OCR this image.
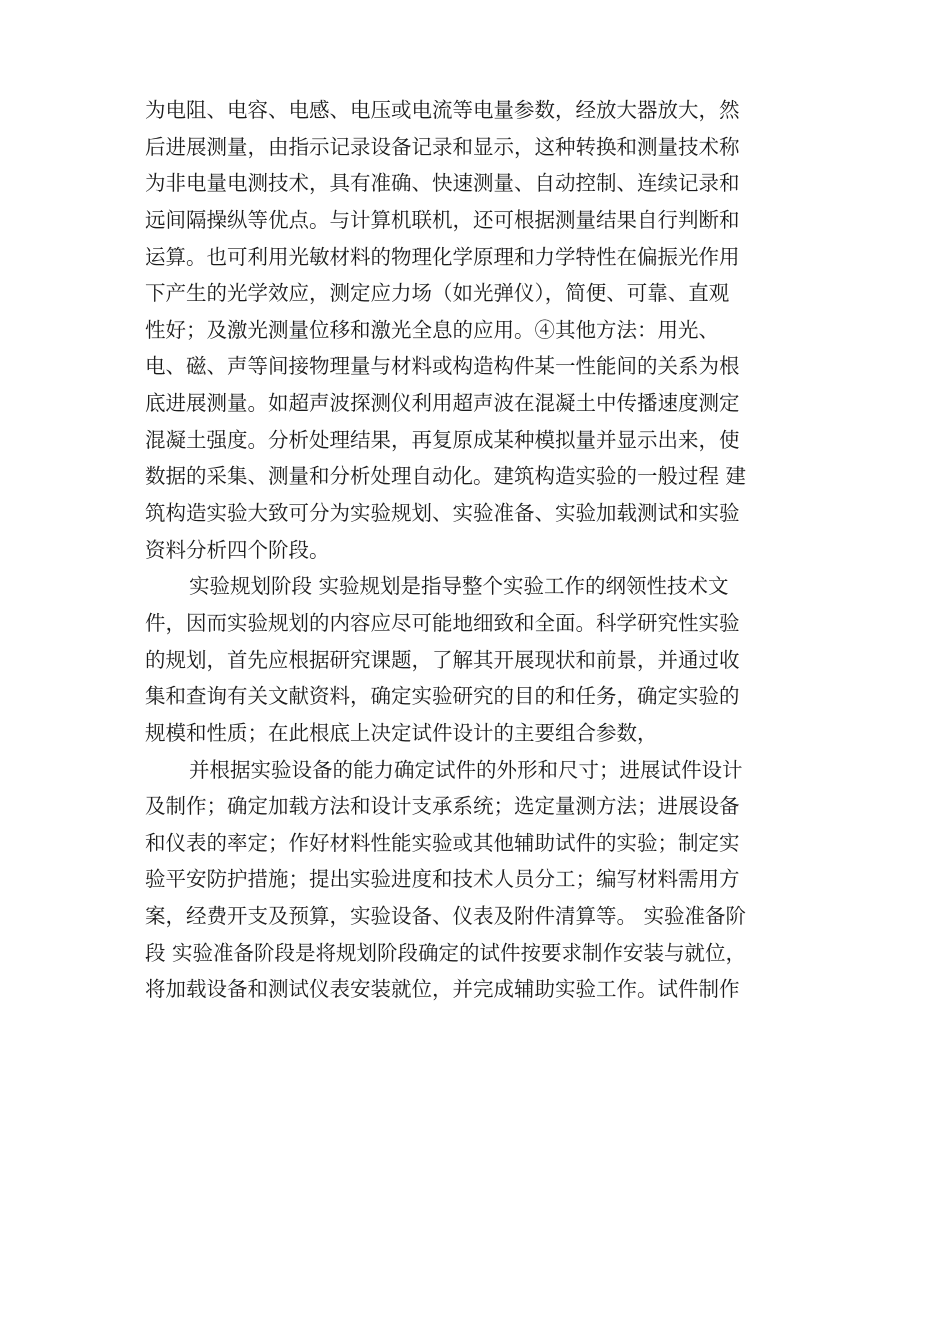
为电阻、电容、电感、电压或电流等电量参数，经放大器放大，然
后进展测量，由指示记录设备记录和显示，这种转换和测量技术称
为非电量电测技术，具有准确、快速测量、自动控制、连续记录和
远间隔操纵等优点。与计算机联机，还可根据测量结果自行判断和
运算。也可利用光敏材料的物理化学原理和力学特性在偏振光作用
下产生的光学效应，测定应力场（如光弹仪），简便、可靠、直观
性好；及激光测量位移和激光全息的应用。④其他方法：用光、
电、磁、声等间接物理量与材料或构造构件某一性能间的关系为根
底进展测量。如超声波探测仪利用超声波在混凝土中传播速度测定
混凝土强度。分析处理结果，再复原成某种模拟量并显示出来，使
数据的采集、测量和分析处理自动化。建筑构造实验的一般过程 建
筑构造实验大致可分为实验规划、实验准备、实验加载测试和实验
资料分析四个阶段。
实验规划阶段 实验规划是指导整个实验工作的纲领性技术文
件，因而实验规划的内容应尽可能地细致和全面。科学研究性实验
的规划，首先应根据研究课题，了解其开展现状和前景，并通过收
集和查询有关文献资料，确定实验研究的目的和任务，确定实验的
规模和性质；在此根底上决定试件设计的主要组合参数，
并根据实验设备的能力确定试件的外形和尺寸；进展试件设计
及制作；确定加载方法和设计支承系统；选定量测方法；进展设备
和仪表的率定；作好材料性能实验或其他辅助试件的实验；制定实
验平安防护措施；提出实验进度和技术人员分工；编写材料需用方
案，经费开支及预算，实验设备、仪表及附件清算等。 实验准备阶
段 实验准备阶段是将规划阶段确定的试件按要求制作安装与就位，
将加载设备和测试仪表安装就位，并完成辅助实验工作。试件制作
